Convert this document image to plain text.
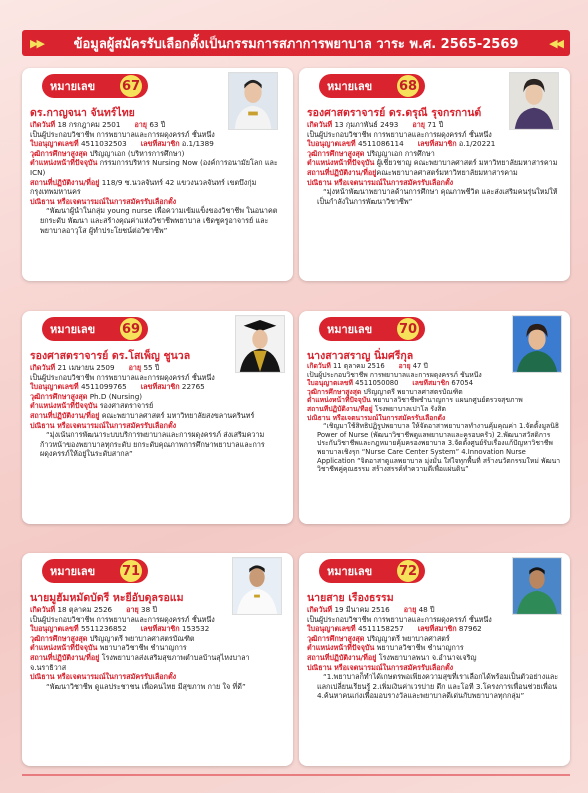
▶▶ ข้อมูลผู้สมัครรับเลือกตั้งเป็นกรรมการสภาการพยาบาล วาระ พ.ศ. 2565-2569	◀◀
หมายเลข 67
ดร.กาญจนา จันทร์ไทย
เกิดวันที่ 18 กรกฎาคม 2501 อายุ 63 ปี
เป็นผู้ประกอบวิชาชีพ การพยาบาลและการผดุงครรภ์ ชั้นหนึ่ง
ใบอนุญาตเลขที่ 4511032503 เลขที่สมาชิก อ.1/1389
วุฒิการศึกษาสูงสุด ปริญญาเอก (บริหารการศึกษา)
ตำแหน่งหน้าที่ปัจจุบัน กรรมการบริหาร Nursing Now (องค์การอนามัยโลก และ ICN)
สถานที่ปฏิบัติงาน/ที่อยู่ 118/9 ซ.นวลจันทร์ 42 แขวงนวลจันทร์ เขตบึงกุ่ม กรุงเทพมหานคร
ปณิธาน หรือเจตนารมณ์ในการสมัครรับเลือกตั้ง
“พัฒนาผู้นำในกลุ่ม young nurse เพื่อความเข้มแข็งของวิชาชีพ ในอนาคต ยกระดับ พัฒนา และสร้างคุณค่าแห่งวิชาชีพพยาบาล เชิดชูครูอาจารย์ และพยาบาลอาวุโส ผู้ทำประโยชน์ต่อวิชาชีพ”
หมายเลข 68
รองศาสตราจารย์ ดร.ดรุณี รุจกรกานต์
เกิดวันที่ 13 กุมภาพันธ์ 2493 อายุ 71 ปี
เป็นผู้ประกอบวิชาชีพ การพยาบาลและการผดุงครรภ์ ชั้นหนึ่ง
ใบอนุญาตเลขที่ 4511086114 เลขที่สมาชิก อ.1/20221
วุฒิการศึกษาสูงสุด ปริญญาเอก การศึกษา
ตำแหน่งหน้าที่ปัจจุบัน ผู้เชี่ยวชาญ คณะพยาบาลศาสตร์ มหาวิทยาลัยมหาสารคาม
สถานที่ปฏิบัติงาน/ที่อยู่คณะพยาบาลศาสตร์มหาวิทยาลัยมหาสารคาม
ปณิธาน หรือเจตนารมณ์ในการสมัครรับเลือกตั้ง
“มุ่งหน้าพัฒนาพยาบาลด้านการศึกษา คุณภาพชีวิต และส่งเสริมคนรุ่นใหม่ให้เป็นกำลังในการพัฒนาวิชาชีพ”
หมายเลข 69
รองศาสตราจารย์ ดร.โสเพ็ญ ชูนวล
เกิดวันที่ 21 เมษายน 2509 อายุ 55 ปี
เป็นผู้ประกอบวิชาชีพ การพยาบาลและการผดุงครรภ์ ชั้นหนึ่ง
ใบอนุญาตเลขที่ 4511099765 เลขที่สมาชิก 22765
วุฒิการศึกษาสูงสุด Ph.D (Nursing)
ตำแหน่งหน้าที่ปัจจุบัน รองศาสตราจารย์
สถานที่ปฏิบัติงาน/ที่อยู่ คณะพยาบาลศาสตร์ มหาวิทยาลัยสงขลานครินทร์
ปณิธาน หรือเจตนารมณ์ในการสมัครรับเลือกตั้ง
“มุ่งเน้นการพัฒนาระบบบริการพยาบาลและการผดุงครรภ์ ส่งเสริมความก้าวหน้าของพยาบาลทุกระดับ ยกระดับคุณภาพการศึกษาพยาบาลและการผดุงครรภ์ให้อยู่ในระดับสากล”
หมายเลข 70
นางสาวสราญ นิ่มศรีกุล
เกิดวันที่ 11 ตุลาคม 2516 อายุ 47 ปี
เป็นผู้ประกอบวิชาชีพ การพยาบาลและการผดุงครรภ์ ชั้นหนึ่ง
ใบอนุญาตเลขที่ 4511050080 เลขที่สมาชิก 67054
วุฒิการศึกษาสูงสุด ปริญญาตรี พยาบาลศาสตรบัณฑิต
ตำแหน่งหน้าที่ปัจจุบัน พยาบาลวิชาชีพชำนาญการ แผนกศูนย์ตรวจสุขภาพ
สถานที่ปฏิบัติงาน/ที่อยู่ โรงพยาบาลเปาโล รังสิต
ปณิธาน หรือเจตนารมณ์ในการสมัครรับเลือกตั้ง
“เชิญมาใช้สิทธิปฏิรูปพยาบาล ให้จัดอาสาพยาบาลทำงานคุ้มคุณค่า 1.จัดตั้งมูลนิธิ Power of Nurse (พัฒนาวิชาชีพดูแลพยาบาลและครอบครัว) 2.พัฒนาสวัสดิการประกันวิชาชีพและกฎหมายคุ้มครองพยาบาล 3.จัดตั้งศูนย์รับเรื่องแก้ปัญหาวิชาชีพพยาบาลเชิงรุก “Nurse Care Center System” 4.Innovation Nurse Application “จิตอาสาดูแลพยาบาล มุ่งมั่น ใส่ใจทุกพื้นที่ สร้างนวัตกรรมใหม่ พัฒนาวิชาชีพคู่คุณธรรม สร้างสรรค์ทำความดีเพื่อแผ่นดิน”
หมายเลข 71
นายมูฮัมหมัดบัดรี หะยีอับดุลรอแม
เกิดวันที่ 18 ตุลาคม 2526 อายุ 38 ปี
เป็นผู้ประกอบวิชาชีพ การพยาบาลและการผดุงครรภ์ ชั้นหนึ่ง
ใบอนุญาตเลขที่ 5511236852 เลขที่สมาชิก 153532
วุฒิการศึกษาสูงสุด ปริญญาตรี พยาบาลศาสตรบัณฑิต
ตำแหน่งหน้าที่ปัจจุบัน พยาบาลวิชาชีพ ชำนาญการ
สถานที่ปฏิบัติงาน/ที่อยู่ โรงพยาบาลส่งเสริมสุขภาพตำบลบ้านสุไหงบาลา จ.นราธิวาส
ปณิธาน หรือเจตนารมณ์ในการสมัครรับเลือกตั้ง
“พัฒนาวิชาชีพ ดูแลประชาชน เพื่อคนไทย มีสุขภาพ กาย ใจ ที่ดี”
หมายเลข 72
นายสาย เรืองธรรม
เกิดวันที่ 19 มีนาคม 2516 อายุ 48 ปี
เป็นผู้ประกอบวิชาชีพ การพยาบาลและการผดุงครรภ์ ชั้นหนึ่ง
ใบอนุญาตเลขที่ 4511158257 เลขที่สมาชิก 87962
วุฒิการศึกษาสูงสุด ปริญญาตรี พยาบาลศาสตร์
ตำแหน่งหน้าที่ปัจจุบัน พยาบาลวิชาชีพ ชำนาญการ
สถานที่ปฏิบัติงาน/ที่อยู่ โรงพยาบาลพนา จ.อำนาจเจริญ
ปณิธาน หรือเจตนารมณ์ในการสมัครรับเลือกตั้ง
“1.พยาบาลก็ทำได้เกษตรพอเพียงความสุขที่เราเลือกได้พร้อมเป็นตัวอย่างและแลกเปลี่ยนเรียนรู้ 2.เพิ่มเงินค่าเวรบ่าย ดึก และโอที 3.โครงการเพื่อนช่วยเพื่อน 4.ค้นหาคนเก่งเพื่อมอบรางวัลและพยาบาลดีเด่นกับพยาบาลทุกกลุ่ม”
